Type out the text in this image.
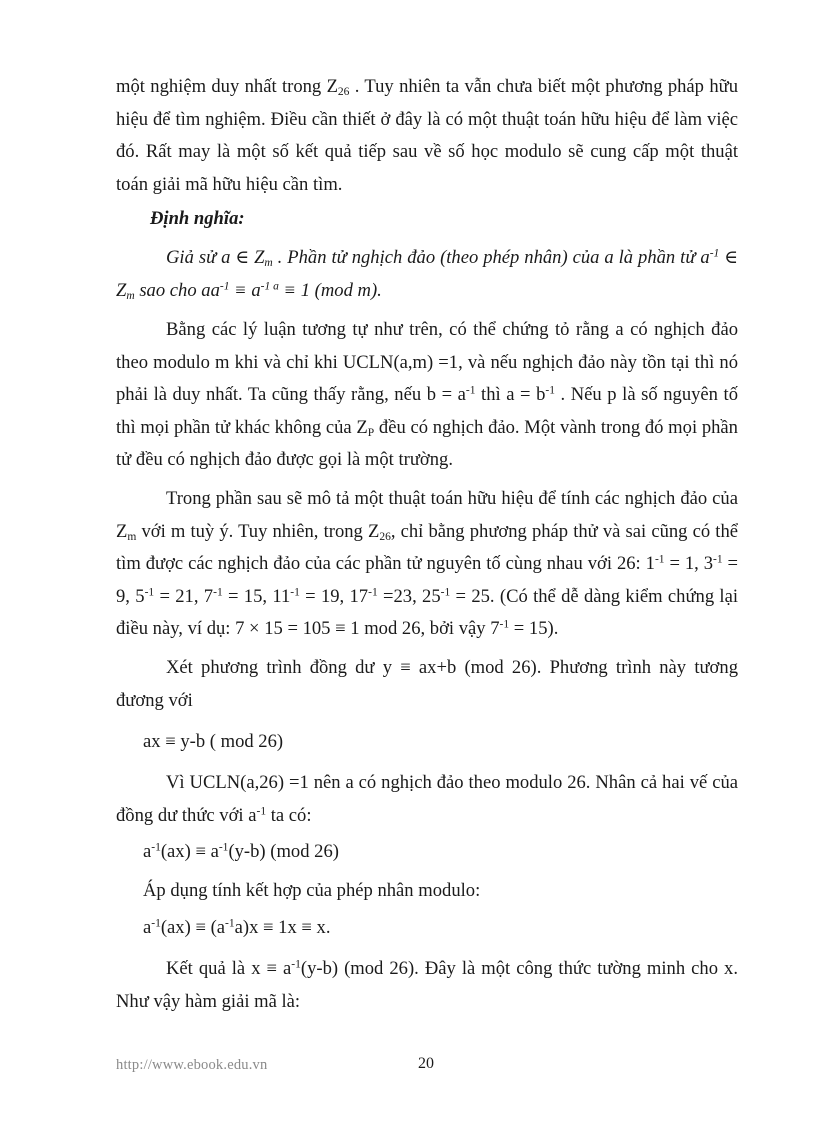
một nghiệm duy nhất trong $Z_{26}$ . Tuy nhiên ta vẫn chưa biết một phương pháp hữu hiệu để tìm nghiệm. Điều cần thiết ở đây là có một thuật toán hữu hiệu để làm việc đó. Rất may là một số kết quả tiếp sau về số học modulo sẽ cung cấp một thuật toán giải mã hữu hiệu cần tìm.

Định nghĩa:

Giả sử a ∈ $Z_m$ . Phần tử nghịch đảo (theo phép nhân) của a là phần tử $a^{-1}$ ∈ $Z_m$ sao cho $aa^{-1} \equiv a^{-1 a} \equiv 1$ (mod m).

Bằng các lý luận tương tự như trên, có thể chứng tỏ rằng a có nghịch đảo theo modulo m khi và chỉ khi UCLN(a,m) =1, và nếu nghịch đảo này tồn tại thì nó phải là duy nhất. Ta cũng thấy rằng, nếu $b = a^{-1}$ thì $a = b^{-1}$ . Nếu p là số nguyên tố thì mọi phần tử khác không của $Z_P$ đều có nghịch đảo. Một vành trong đó mọi phần tử đều có nghịch đảo được gọi là một trường.

Trong phần sau sẽ mô tả một thuật toán hữu hiệu để tính các nghịch đảo của $Z_m$ với m tuỳ ý. Tuy nhiên, trong $Z_{26}$, chỉ bằng phương pháp thử và sai cũng có thể tìm được các nghịch đảo của các phần tử nguyên tố cùng nhau với 26: $1^{-1} = 1$, $3^{-1} = 9$, $5^{-1} = 21$, $7^{-1} = 15$, $11^{-1} = 19$, $17^{-1} =23$, $25^{-1} = 25$. (Có thể dễ dàng kiểm chứng lại điều này, ví dụ: 7 × 15 = 105 ≡ 1 mod 26, bởi vậy $7^{-1} = 15$).

Xét phương trình đồng dư y ≡ ax+b (mod 26). Phương trình này tương đương với

ax ≡ y-b ( mod 26)

Vì UCLN(a,26) =1 nên a có nghịch đảo theo modulo 26. Nhân cả hai vế của đồng dư thức với $a^{-1}$ ta có:

$a^{-1}(ax) \equiv a^{-1}(y-b)$ (mod 26)

Áp dụng tính kết hợp của phép nhân modulo:

$a^{-1}(ax) \equiv (a^{-1}a)x \equiv 1x \equiv x$.

Kết quả là $x \equiv a^{-1}(y-b)$ (mod 26). Đây là một công thức tường minh cho x. Như vậy hàm giải mã là:

http://www.ebook.edu.vn	20
